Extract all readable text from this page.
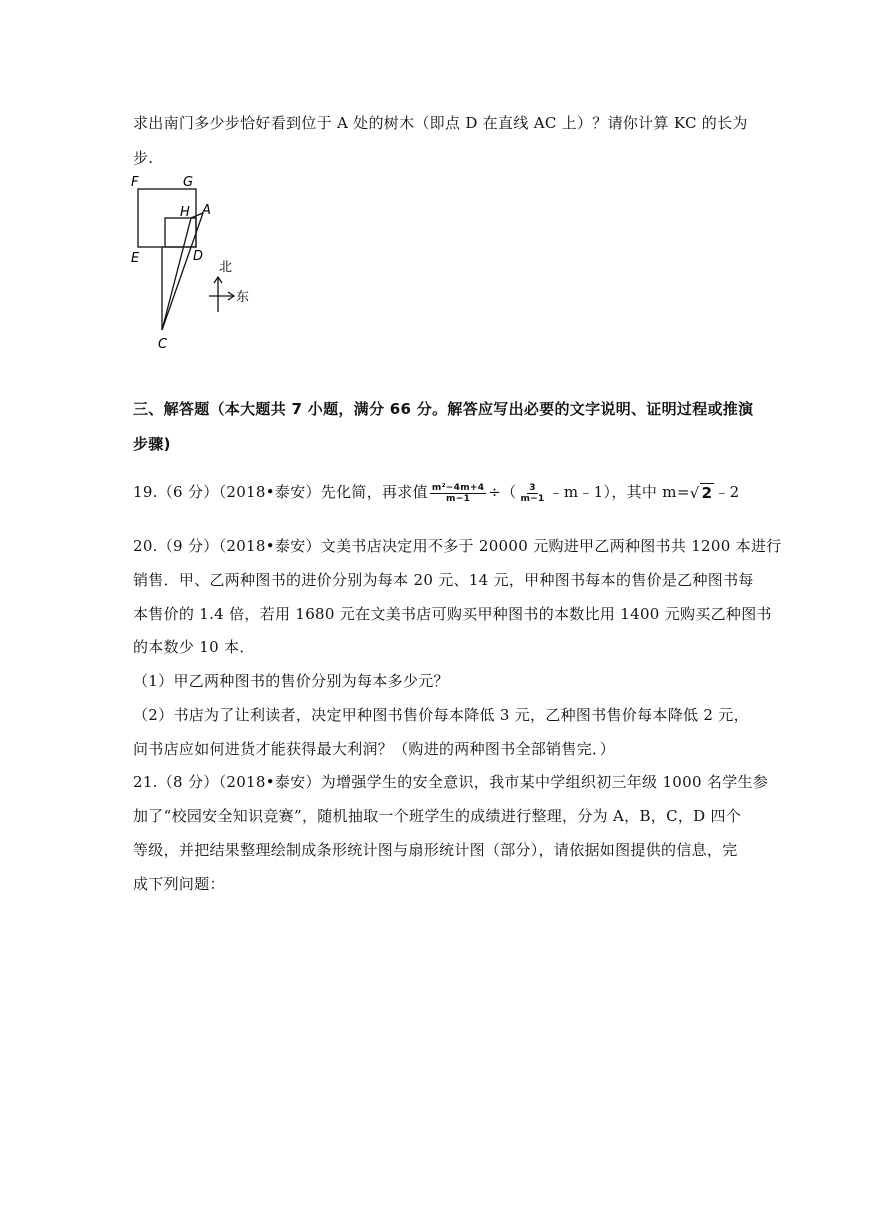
求出南门多少步恰好看到位于 A 处的树木（即点 D 在直线 AC 上）？请你计算 KC 的长为
步.
F	G
H A
E	D
C
北
东
三、解答题（本大题共 7 小题，满分 66 分。解答应写出必要的文字说明、证明过程或推演
步骤)
19.（6 分）（2018•泰安）先化简，再求值 $\frac{\text{m²−4m+4}}{m-1}$ ÷（ $\frac{3}{m-1}$ ﹣m﹣1），其中 m=√ 2 ﹣2
20.（9 分）（2018•泰安）文美书店决定用不多于 20000 元购进甲乙两种图书共 1200 本进行
销售．甲、乙两种图书的进价分别为每本 20 元、14 元，甲种图书每本的售价是乙种图书每
本售价的 1.4 倍，若用 1680 元在文美书店可购买甲种图书的本数比用 1400 元购买乙种图书
的本数少 10 本．
（1）甲乙两种图书的售价分别为每本多少元？
（2）书店为了让利读者，决定甲种图书售价每本降低 3 元，乙种图书售价每本降低 2 元，
问书店应如何进货才能获得最大利润？（购进的两种图书全部销售完．）
21.（8 分）（2018•泰安）为增强学生的安全意识，我市某中学组织初三年级 1000 名学生参
加了“校园安全知识竞赛”，随机抽取一个班学生的成绩进行整理，分为 A，B，C，D 四个
等级，并把结果整理绘制成条形统计图与扇形统计图（部分），请依据如图提供的信息，完
成下列问题：
